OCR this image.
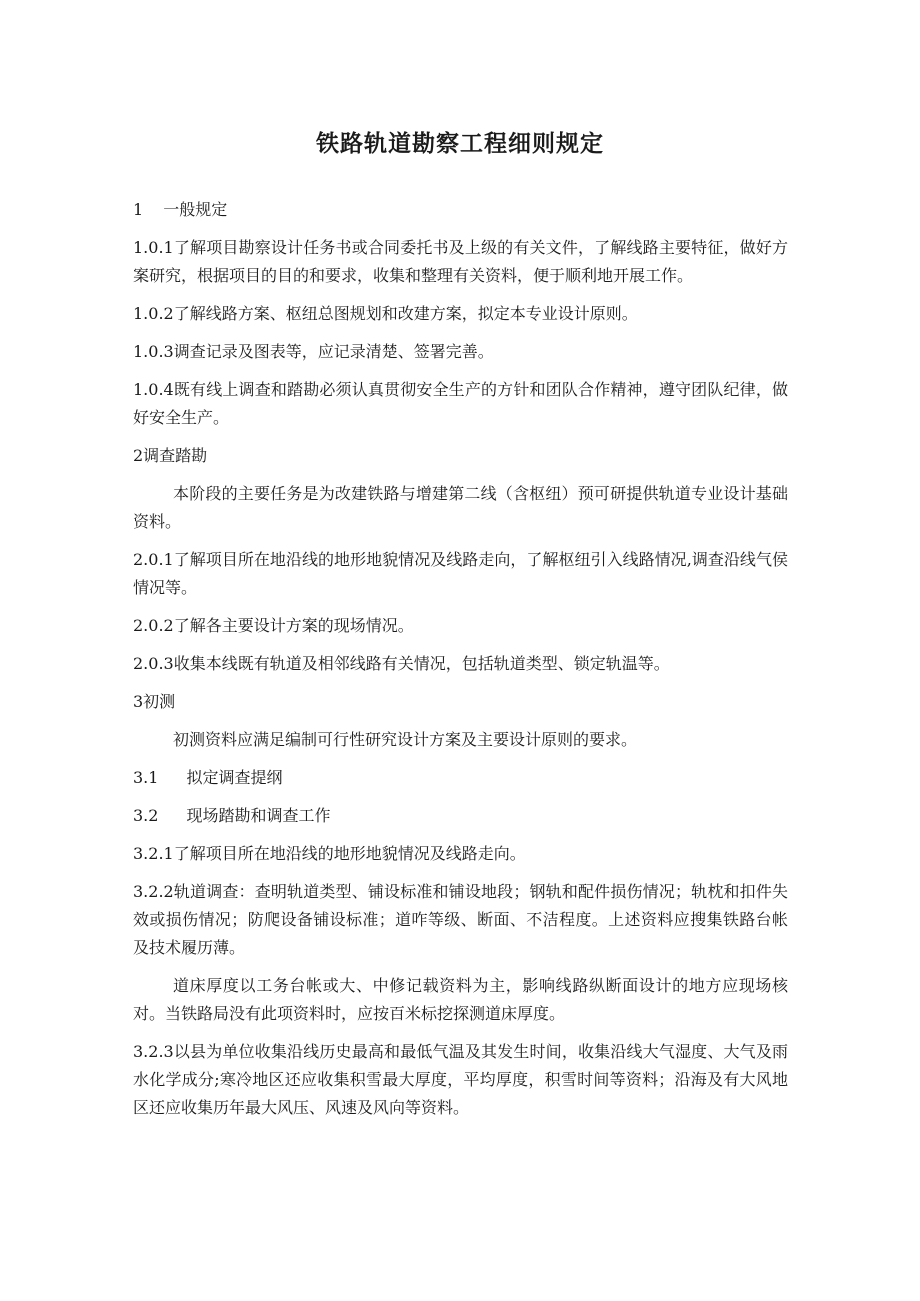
铁路轨道勘察工程细则规定

1 一般规定

1.0.1了解项目勘察设计任务书或合同委托书及上级的有关文件，了解线路主要特征，做好方案研究，根据项目的目的和要求，收集和整理有关资料，便于顺利地开展工作。

1.0.2了解线路方案、枢纽总图规划和改建方案，拟定本专业设计原则。

1.0.3调查记录及图表等，应记录清楚、签署完善。

1.0.4既有线上调查和踏勘必须认真贯彻安全生产的方针和团队合作精神，遵守团队纪律，做好安全生产。

2调查踏勘

本阶段的主要任务是为改建铁路与增建第二线（含枢纽）预可研提供轨道专业设计基础资料。

2.0.1了解项目所在地沿线的地形地貌情况及线路走向，了解枢纽引入线路情况,调查沿线气侯情况等。

2.0.2了解各主要设计方案的现场情况。

2.0.3收集本线既有轨道及相邻线路有关情况，包括轨道类型、锁定轨温等。

3初测

初测资料应满足编制可行性研究设计方案及主要设计原则的要求。

3.1 拟定调查提纲

3.2 现场踏勘和调查工作

3.2.1了解项目所在地沿线的地形地貌情况及线路走向。

3.2.2轨道调查：查明轨道类型、铺设标准和铺设地段；钢轨和配件损伤情况；轨枕和扣件失效或损伤情况；防爬设备铺设标准；道咋等级、断面、不洁程度。上述资料应搜集铁路台帐及技术履历薄。

道床厚度以工务台帐或大、中修记载资料为主，影响线路纵断面设计的地方应现场核对。当铁路局没有此项资料时，应按百米标挖探测道床厚度。

3.2.3以县为单位收集沿线历史最高和最低气温及其发生时间，收集沿线大气湿度、大气及雨水化学成分;寒冷地区还应收集积雪最大厚度，平均厚度，积雪时间等资料；沿海及有大风地区还应收集历年最大风压、风速及风向等资料。
